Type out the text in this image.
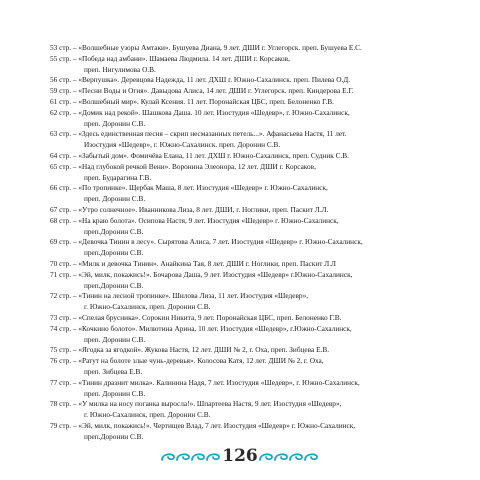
53 стр. – «Волшебные узоры Амтаки». Бушуева Диана, 9 лет. ДШИ г. Углегорск. преп. Бушуева Е.С.
55 стр. – «Победа над амбани». Шамаева Людмила. 14 лет. ДШИ г. Корсаков,
преп. Нигулимова О.В.
56 стр. – «Верпушка». Деревцова Надежда, 11 лет. ДХШ г. Южно-Сахалинск. преп. Пилева О.Д.
59 стр. – «Песни Воды и Огня». Давыдова Алиса, 14 лет. ДШИ г. Углегорск. преп. Киндерова Е.Г.
61 стр. – «Волшебный мир». Кулай Ксения. 11 лет. Поронайская ЦБС, преп. Белоненко Г.В.
62 стр. – «Домик над рекой». Шашкова Даша. 10 лет. Изостудия «Шедевр», г. Южно-Сахалинск,
преп. Доронин С.В.
63 стр. – «Здесь единственная песня – скрип несмазанных петель...». Афанасьева Настя, 11 лет.
Изостудия «Шедевр», г. Южно-Сахалинск. преп. Доронин С.В.
64 стр. – «Забытый дом». Фомичёва Елана, 11 лет. ДХШ г. Южно-Сахалинск, преп. Судник С.В.
65 стр. – «Над глубокой речкой Вени». Воронина Элеонора, 12 лет. ДШИ г. Корсаков,
преп. Бударагина Г.В.
66 стр. – «По тропинке». Щербак Маша, 8 лет. Изостудия «Шедевр» г. Южно-Сахалинск,
преп. Доронин С.В.
67 стр. – «Утро солнечное». Иванникова Лиза, 8 лет. ДШИ, г. Ноглики, преп. Паскит Л.Л.
68 стр. – «На краю болота». Осипова Настя, 9 лет. Изостудия «Шедевр» г. Южно-Сахалинск,
преп.Доронин С.В.
69 стр. – «Девочка Тинин в лесу». Сырятова Алиса, 7 лет. Изостудия «Шедевр» г. Южно-Сахалинск,
преп.Доронин С.В.
70 стр. – «Милк и девочка Тинин». Анайкина Тая, 8 лет. ДШИ г. Ноглики, преп. Паскит Л.Л
71 стр. – «Эй, милк, покажись!». Бочарова Даша, 9 лет. Изостудия «Шедевр» г.Южно-Сахалинск,
преп.Доронин С.В.
72 стр. – «Тинин на лесной тропинке». Шилова Лиза, 11 лет. Изостудия «Шедевр»,
г. Южно-Сахалинск, преп. Доронин С.В.
73 стр. – «Спелая брусника». Сорокин Никита, 9 лет. Поронайская ЦБС, преп. Белоненко Г.В.
74 стр. – «Кочкино болото». Милютина Арина, 10 лет. Изостудия «Шедевр», г.Южно-Сахалинск,
преп. Доронин С.В.
75 стр. – «Ягодка за ягодкой». Жукова Настя, 12 лет. ДШИ № 2, г. Оха, преп. Зибцева Е.В.
76 стр. – «Ратут на болоте злые чунь-деревья». Колосова Катя, 12 лет. ДШИ № 2, г. Оха,
преп. Зибцева Е.В.
77 стр. – «Тинин дразнит милка». Калинина Надя, 7 лет. Изостудия «Шедевр», г. Южно-Сахалинск,
преп. Доронин С.В.
78 стр. – «У милка на носу поганка выросла!». Шпартеева Настя, 9 лет. Изостудия «Шедевр»,
г. Южно-Сахалинск, преп. Доронин С.В.
79 стр. – «Эй, милк, покажись!». Чертищев Влад, 7 лет. Изостудия «Шедевр» г. Южно-Сахалинск,
преп.Доронин С.В.
126
